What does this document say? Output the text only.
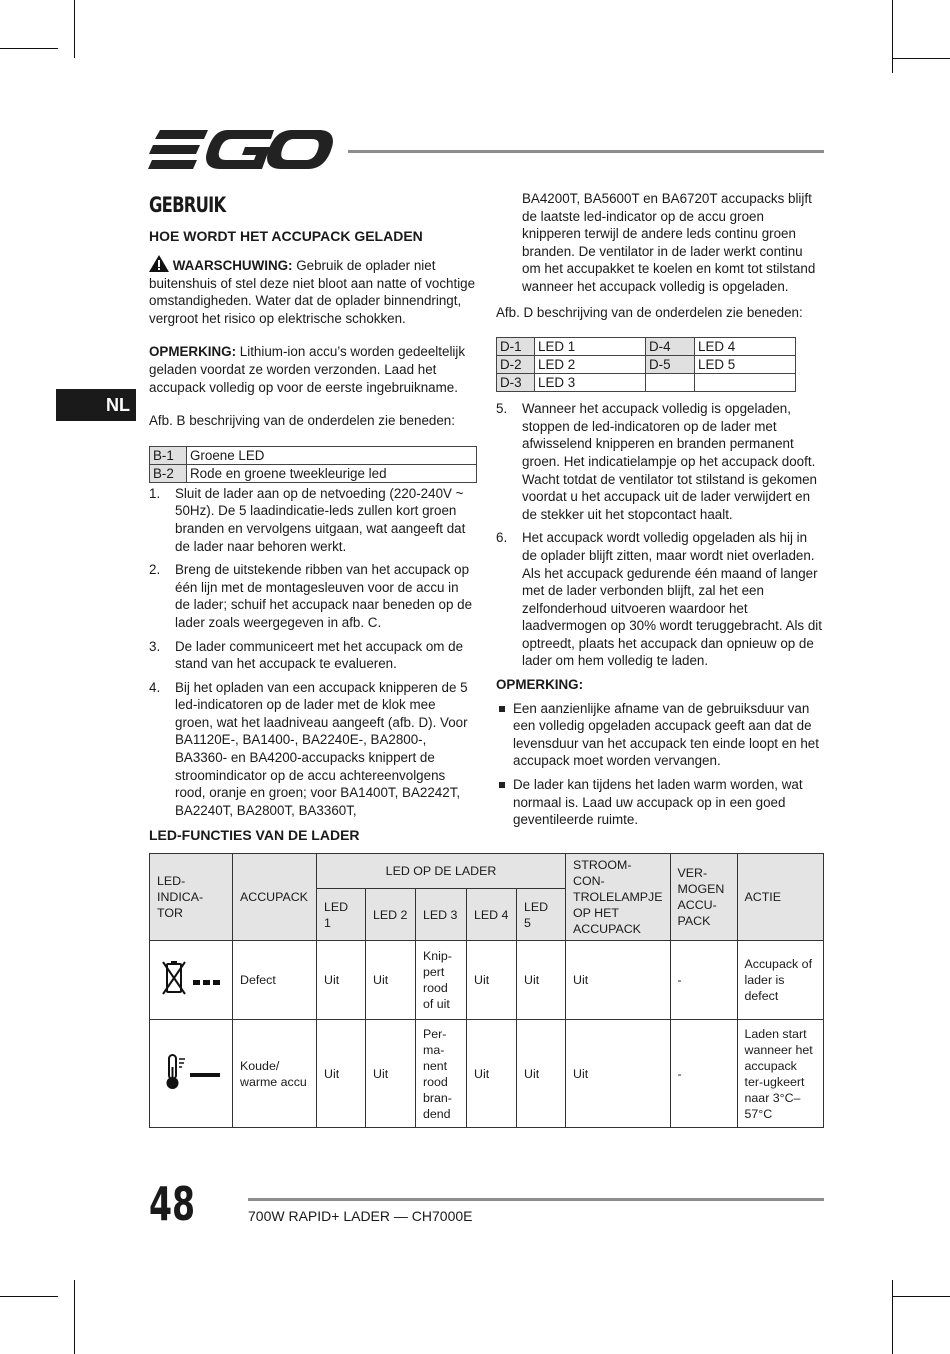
NL
GEBRUIK
HOE WORDT HET ACCUPACK GELADEN

WAARSCHUWING: Gebruik de oplader niet buitenshuis of stel deze niet bloot aan natte of vochtige omstandigheden. Water dat de oplader binnendringt, vergroot het risico op elektrische schokken.

OPMERKING: Lithium-ion accu’s worden gedeeltelijk geladen voordat ze worden verzonden. Laad het accupack volledig op voor de eerste ingebruikname.

Afb. B beschrijving van de onderdelen zie beneden:

B-1	Groene LED
B-2	Rode en groene tweekleurige led
1. Sluit de lader aan op de netvoeding (220-240V ~ 50Hz). De 5 laadindicatie-leds zullen kort groen branden en vervolgens uitgaan, wat aangeeft dat de lader naar behoren werkt.
2. Breng de uitstekende ribben van het accupack op één lijn met de montagesleuven voor de accu in de lader; schuif het accupack naar beneden op de lader zoals weergegeven in afb. C.
3. De lader communiceert met het accupack om de stand van het accupack te evalueren.
4. Bij het opladen van een accupack knipperen de 5 led-indicatoren op de lader met de klok mee groen, wat het laadniveau aangeeft (afb. D). Voor BA1120E-, BA1400-, BA2240E-, BA2800-, BA3360- en BA4200-accupacks knippert de stroomindicator op de accu achtereenvolgens rood, oranje en groen; voor BA1400T, BA2242T, BA2240T, BA2800T, BA3360T,

BA4200T, BA5600T en BA6720T accupacks blijft de laatste led-indicator op de accu groen knipperen terwijl de andere leds continu groen branden. De ventilator in de lader werkt continu om het accupakket te koelen en komt tot stilstand wanneer het accupack volledig is opgeladen.

Afb. D beschrijving van de onderdelen zie beneden:

D-1	LED 1	D-4	LED 4
D-2	LED 2	D-5	LED 5
D-3	LED 3		
5. Wanneer het accupack volledig is opgeladen, stoppen de led-indicatoren op de lader met afwisselend knipperen en branden permanent groen. Het indicatielampje op het accupack dooft. Wacht totdat de ventilator tot stilstand is gekomen voordat u het accupack uit de lader verwijdert en de stekker uit het stopcontact haalt.
6. Het accupack wordt volledig opgeladen als hij in de oplader blijft zitten, maar wordt niet overladen. Als het accupack gedurende één maand of langer met de lader verbonden blijft, zal het een zelfonderhoud uitvoeren waardoor het laadvermogen op 30% wordt teruggebracht. Als dit optreedt, plaats het accupack dan opnieuw op de lader om hem volledig te laden.

OPMERKING:

Een aanzienlijke afname van de gebruiksduur van een volledig opgeladen accupack geeft aan dat de levensduur van het accupack ten einde loopt en het accupack moet worden vervangen.
De lader kan tijdens het laden warm worden, wat normaal is. Laad uw accupack op in een goed geventileerde ruimte.
LED-FUNCTIES VAN DE LADER
LED-INDICA-TOR	ACCUPACK	LED OP DE LADER					STROOM-CON-TROLELAMPJE OP HET ACCUPACK	VER-MOGEN ACCU-PACK	ACTIE
		LED 1	LED 2	LED 3	LED 4	LED 5			
	Defect	Uit	Uit	Knip-pert rood of uit	Uit	Uit	Uit	-	Accupack of lader is defect
	Koude/ warme accu	Uit	Uit	Per-ma-nent rood bran-dend	Uit	Uit	Uit	-	Laden start wanneer het accupack ter-ugkeert naar 3°C–57°C
48	700W RAPID+ LADER — CH7000E
